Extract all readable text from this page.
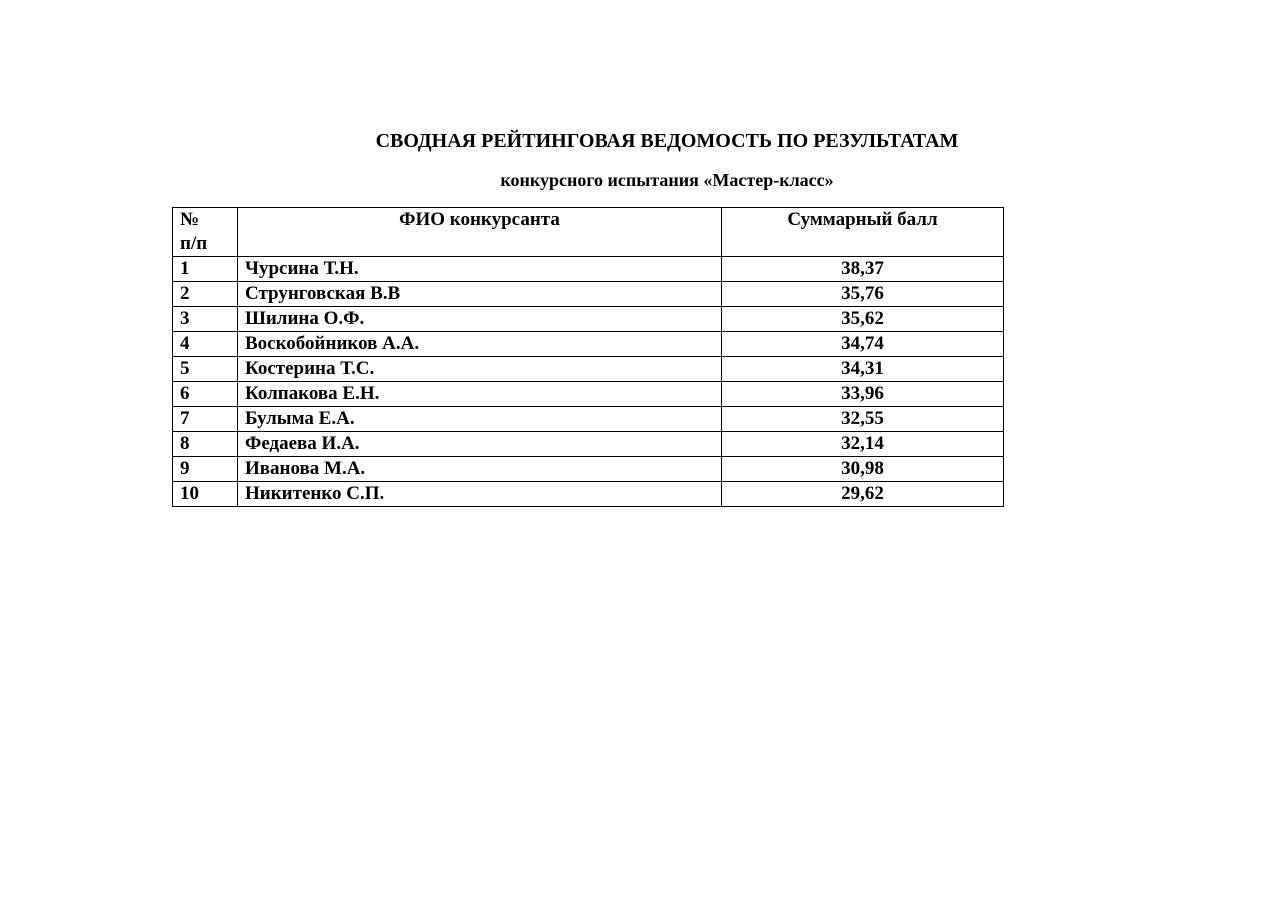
СВОДНАЯ РЕЙТИНГОВАЯ ВЕДОМОСТЬ ПО РЕЗУЛЬТАТАМ
конкурсного испытания «Мастер-класс»
№
п/п	ФИО конкурсанта	Суммарный балл
1	Чурсина Т.Н.	38,37
2	Струнговская В.В	35,76
3	Шилина О.Ф.	35,62
4	Воскобойников А.А.	34,74
5	Костерина Т.С.	34,31
6	Колпакова Е.Н.	33,96
7	Булыма Е.А.	32,55
8	Федаева И.А.	32,14
9	Иванова М.А.	30,98
10	Никитенко С.П.	29,62
